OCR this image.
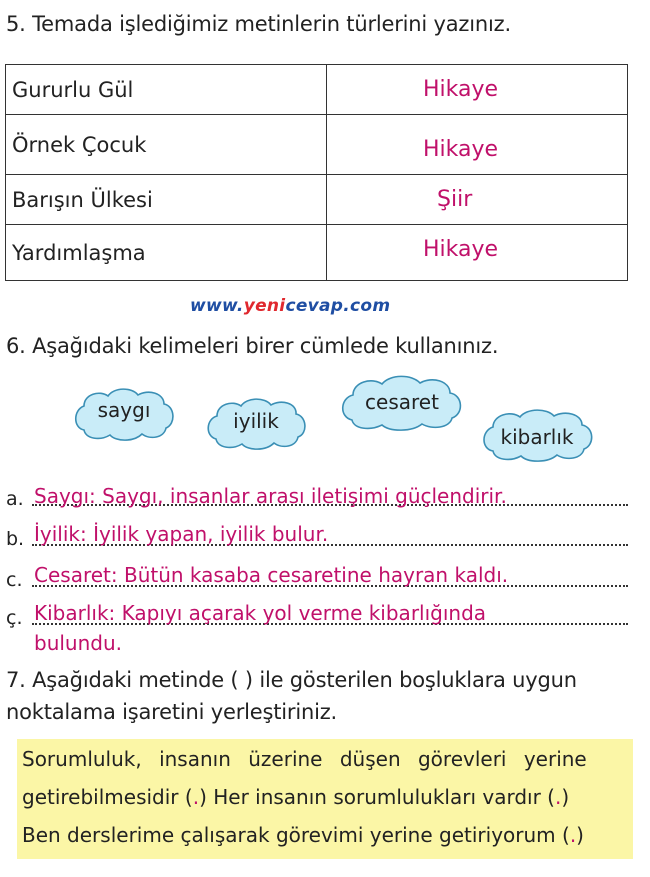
5. Temada işlediğimiz metinlerin türlerini yazınız.
Gururlu Gül	Hikaye
Örnek Çocuk	Hikaye
Barışın Ülkesi	Şiir
Yardımlaşma	Hikaye
www.yenicevap.com
6. Aşağıdaki kelimeleri birer cümlede kullanınız.
saygı	iyilik
cesaret
kibarlık
a. Saygı: Saygı, insanlar arası iletişimi güçlendirir.
b. İyilik: İyilik yapan, iyilik bulur.
c. Cesaret: Bütün kasaba cesaretine hayran kaldı.
ç. Kibarlık: Kapıyı açarak yol verme kibarlığında
bulundu.
7. Aşağıdaki metinde ( ) ile gösterilen boşluklara uygun
noktalama işaretini yerleştiriniz.

Sorumluluk, insanın üzerine düşen görevleri yerine

getirebilmesidir (.) Her insanın sorumlulukları vardır (.)

Ben derslerime çalışarak görevimi yerine getiriyorum (.)
